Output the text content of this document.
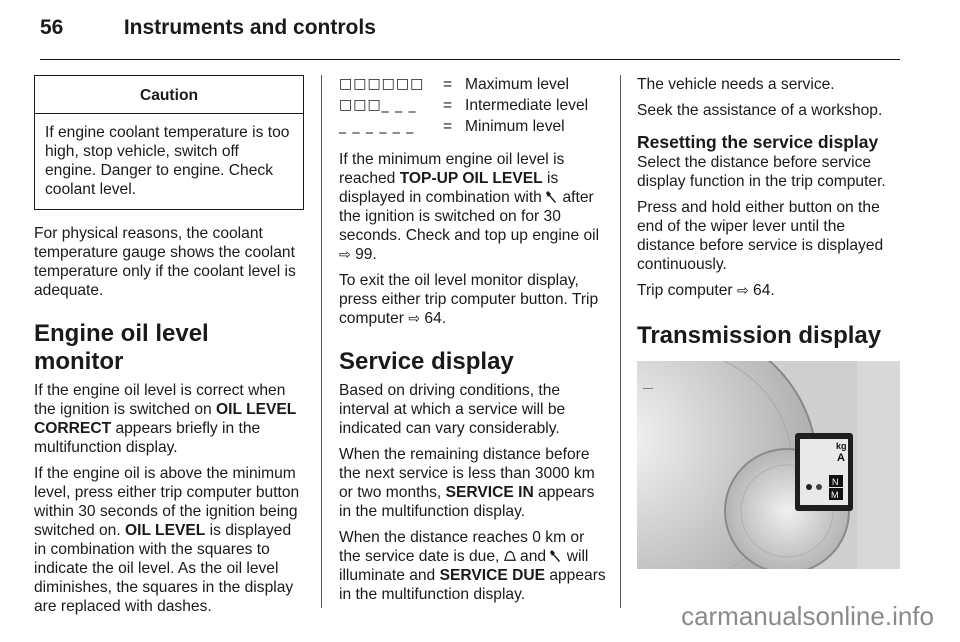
56	Instruments and controls
Caution
If engine coolant temperature is too high, stop vehicle, switch off engine. Danger to engine. Check coolant level.

For physical reasons, the coolant temperature gauge shows the coolant temperature only if the coolant level is adequate.

Engine oil level monitor

If the engine oil level is correct when the ignition is switched on OIL LEVEL CORRECT appears briefly in the multifunction display.

If the engine oil is above the minimum level, press either trip computer button within 30 seconds of the ignition being switched on. OIL LEVEL is displayed in combination with the squares to indicate the oil level. As the oil level diminishes, the squares in the display are replaced with dashes.

□□□□□□	= Maximum level
□□□_ _ _	= Intermediate level
_ _ _ _ _ _	= Minimum level

If the minimum engine oil level is reached TOP-UP OIL LEVEL is displayed in combination with  after the ignition is switched on for 30 seconds. Check and top up engine oil ⇨ 99.

To exit the oil level monitor display, press either trip computer button. Trip computer ⇨ 64.

Service display

Based on driving conditions, the interval at which a service will be indicated can vary considerably.

When the remaining distance before the next service is less than 3000 km or two months, SERVICE IN appears in the multifunction display.

When the distance reaches 0 km or the service date is due,  and  will illuminate and SERVICE DUE appears in the multifunction display.

The vehicle needs a service.

Seek the assistance of a workshop.

Resetting the service display

Select the distance before service display function in the trip computer.

Press and hold either button on the end of the wiper lever until the distance before service is displayed continuously.

Trip computer ⇨ 64.

Transmission display
—
kg
A
N
M
carmanualsonline.info
